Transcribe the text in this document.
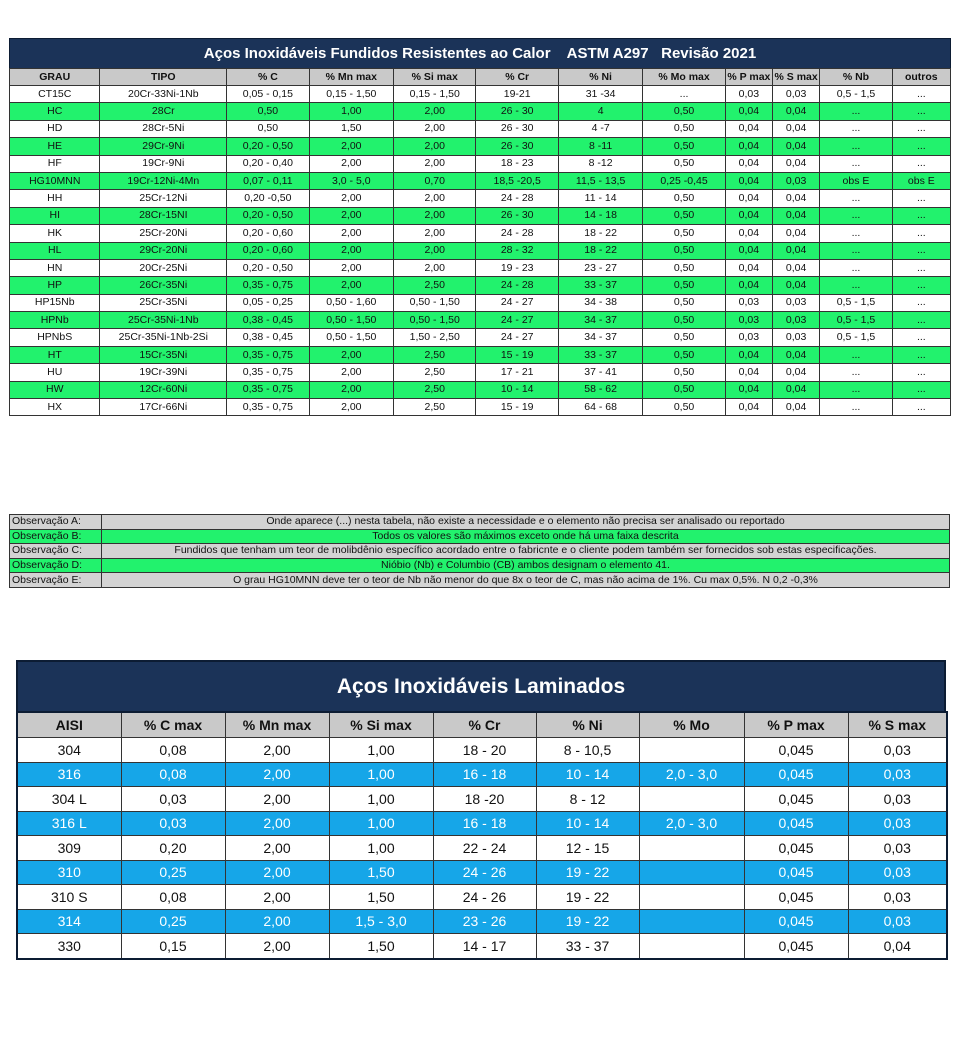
Aços Inoxidáveis Fundidos Resistentes ao Calor    ASTM A297   Revisão 2021
GRAU	TIPO	% C	% Mn max	% Si max	% Cr	% Ni	% Mo max	% P max	% S max	% Nb	outros
CT15C	20Cr-33Ni-1Nb	0,05 - 0,15	0,15 - 1,50	0,15 - 1,50	19-21	31 -34	...	0,03	0,03	0,5 - 1,5	...
HC	28Cr	0,50	1,00	2,00	26 - 30	4	0,50	0,04	0,04	...	...
HD	28Cr-5Ni	0,50	1,50	2,00	26 - 30	4 -7	0,50	0,04	0,04	...	...
HE	29Cr-9Ni	0,20 - 0,50	2,00	2,00	26 - 30	8 -11	0,50	0,04	0,04	...	...
HF	19Cr-9Ni	0,20 - 0,40	2,00	2,00	18 - 23	8 -12	0,50	0,04	0,04	...	...
HG10MNN	19Cr-12Ni-4Mn	0,07 - 0,11	3,0 - 5,0	0,70	18,5 -20,5	11,5 - 13,5	0,25 -0,45	0,04	0,03	obs E	obs E
HH	25Cr-12Ni	0,20 -0,50	2,00	2,00	24 - 28	11 - 14	0,50	0,04	0,04	...	...
HI	28Cr-15NI	0,20 - 0,50	2,00	2,00	26 - 30	14 - 18	0,50	0,04	0,04	...	...
HK	25Cr-20Ni	0,20 - 0,60	2,00	2,00	24 - 28	18 - 22	0,50	0,04	0,04	...	...
HL	29Cr-20Ni	0,20 - 0,60	2,00	2,00	28 - 32	18 - 22	0,50	0,04	0,04	...	...
HN	20Cr-25Ni	0,20 - 0,50	2,00	2,00	19 - 23	23 - 27	0,50	0,04	0,04	...	...
HP	26Cr-35Ni	0,35 - 0,75	2,00	2,50	24 - 28	33 - 37	0,50	0,04	0,04	...	...
HP15Nb	25Cr-35Ni	0,05 - 0,25	0,50 - 1,60	0,50 - 1,50	24 - 27	34 - 38	0,50	0,03	0,03	0,5 - 1,5	...
HPNb	25Cr-35Ni-1Nb	0,38 - 0,45	0,50 - 1,50	0,50 - 1,50	24 - 27	34 - 37	0,50	0,03	0,03	0,5 - 1,5	...
HPNbS	25Cr-35Ni-1Nb-2Si	0,38 - 0,45	0,50 - 1,50	1,50 - 2,50	24 - 27	34 - 37	0,50	0,03	0,03	0,5 - 1,5	...
HT	15Cr-35Ni	0,35 - 0,75	2,00	2,50	15 - 19	33 - 37	0,50	0,04	0,04	...	...
HU	19Cr-39Ni	0,35 - 0,75	2,00	2,50	17 - 21	37 - 41	0,50	0,04	0,04	...	...
HW	12Cr-60Ni	0,35 - 0,75	2,00	2,50	10 - 14	58 - 62	0,50	0,04	0,04	...	...
HX	17Cr-66Ni	0,35 - 0,75	2,00	2,50	15 - 19	64 - 68	0,50	0,04	0,04	...	...
Observação A:	Onde aparece (...) nesta tabela, não existe a necessidade e o elemento não precisa ser analisado ou reportado
Observação B:	Todos os valores são máximos exceto onde há uma faixa descrita
Observação C:	Fundidos que tenham um teor de molibdênio específico acordado entre o fabricnte e o cliente podem também ser fornecidos sob estas especificações.
Observação D:	Nióbio (Nb) e Columbio (CB) ambos designam o elemento 41.
Observação E:	O grau HG10MNN deve ter o teor de Nb não menor do que 8x o teor de C, mas não acima de 1%. Cu max 0,5%. N 0,2 -0,3%
Aços Inoxidáveis Laminados
AISI	% C max	% Mn max	% Si max	% Cr	% Ni	% Mo	% P max	% S max
304	0,08	2,00	1,00	18 - 20	8 - 10,5		0,045	0,03
316	0,08	2,00	1,00	16 - 18	10 - 14	2,0 - 3,0	0,045	0,03
304 L	0,03	2,00	1,00	18 -20	8 - 12		0,045	0,03
316 L	0,03	2,00	1,00	16 - 18	10 - 14	2,0 - 3,0	0,045	0,03
309	0,20	2,00	1,00	22 - 24	12 - 15		0,045	0,03
310	0,25	2,00	1,50	24 - 26	19 - 22		0,045	0,03
310 S	0,08	2,00	1,50	24 - 26	19 - 22		0,045	0,03
314	0,25	2,00	1,5 - 3,0	23 - 26	19 - 22		0,045	0,03
330	0,15	2,00	1,50	14 - 17	33 - 37		0,045	0,04
